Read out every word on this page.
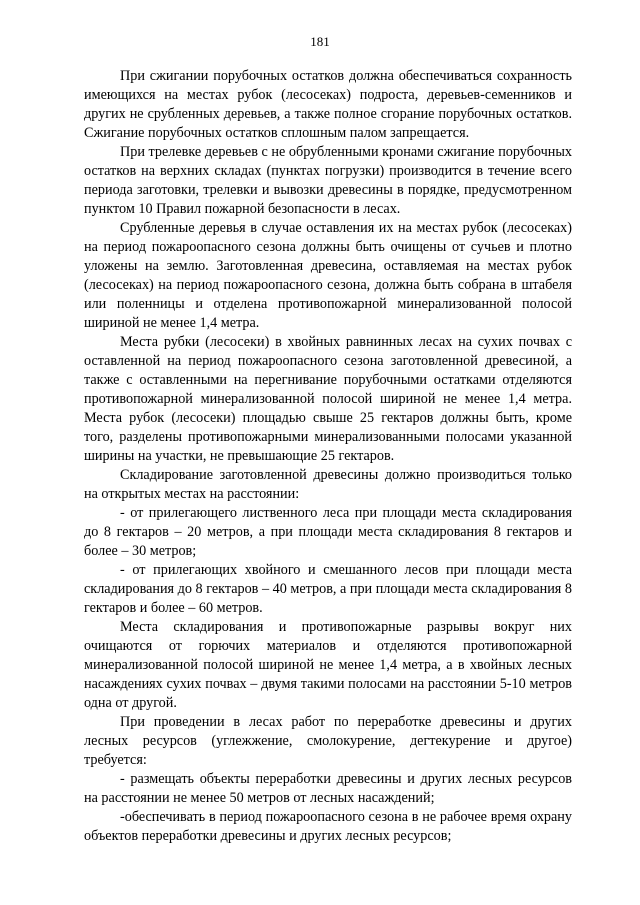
181

При сжигании порубочных остатков должна обеспечиваться сохранность имеющихся на местах рубок (лесосеках) подроста, деревьев-семенников и других не срубленных деревьев, а также полное сгорание порубочных остатков. Сжигание порубочных остатков сплошным палом запрещается.

При трелевке деревьев с не обрубленными кронами сжигание порубочных остатков на верхних складах (пунктах погрузки) производится в течение всего периода заготовки, трелевки и вывозки древесины в порядке, предусмотренном пунктом 10 Правил пожарной безопасности в лесах.

Срубленные деревья в случае оставления их на местах рубок (лесосеках) на период пожароопасного сезона должны быть очищены от сучьев и плотно уложены на землю. Заготовленная древесина, оставляемая на местах рубок (лесосеках) на период пожароопасного сезона, должна быть собрана в штабеля или поленницы и отделена противопожарной минерализованной полосой шириной не менее 1,4 метра.

Места рубки (лесосеки) в хвойных равнинных лесах на сухих почвах с оставленной на период пожароопасного сезона заготовленной древесиной, а также с оставленными на перегнивание порубочными остатками отделяются противопожарной минерализованной полосой шириной не менее 1,4 метра. Места рубок (лесосеки) площадью свыше 25 гектаров должны быть, кроме того, разделены противопожарными минерализованными полосами указанной ширины на участки, не превышающие 25 гектаров.

Складирование заготовленной древесины должно производиться только на открытых местах на расстоянии:

- от прилегающего лиственного леса при площади места складирования до 8 гектаров – 20 метров, а при площади места складирования 8 гектаров и более – 30 метров;

- от прилегающих хвойного и смешанного лесов при площади места складирования до 8 гектаров – 40 метров, а при площади места складирования 8 гектаров и более – 60 метров.

Места складирования и противопожарные разрывы вокруг них очищаются от горючих материалов и отделяются противопожарной минерализованной полосой шириной не менее 1,4 метра, а в хвойных лесных насаждениях сухих почвах – двумя такими полосами на расстоянии 5-10 метров одна от другой.

При проведении в лесах работ по переработке древесины и других лесных ресурсов (углежжение, смолокурение, дегтекурение и другое) требуется:

- размещать объекты переработки древесины и других лесных ресурсов на расстоянии не менее 50 метров от лесных насаждений;

-обеспечивать в период пожароопасного сезона в не рабочее время охрану объектов переработки древесины и других лесных ресурсов;
